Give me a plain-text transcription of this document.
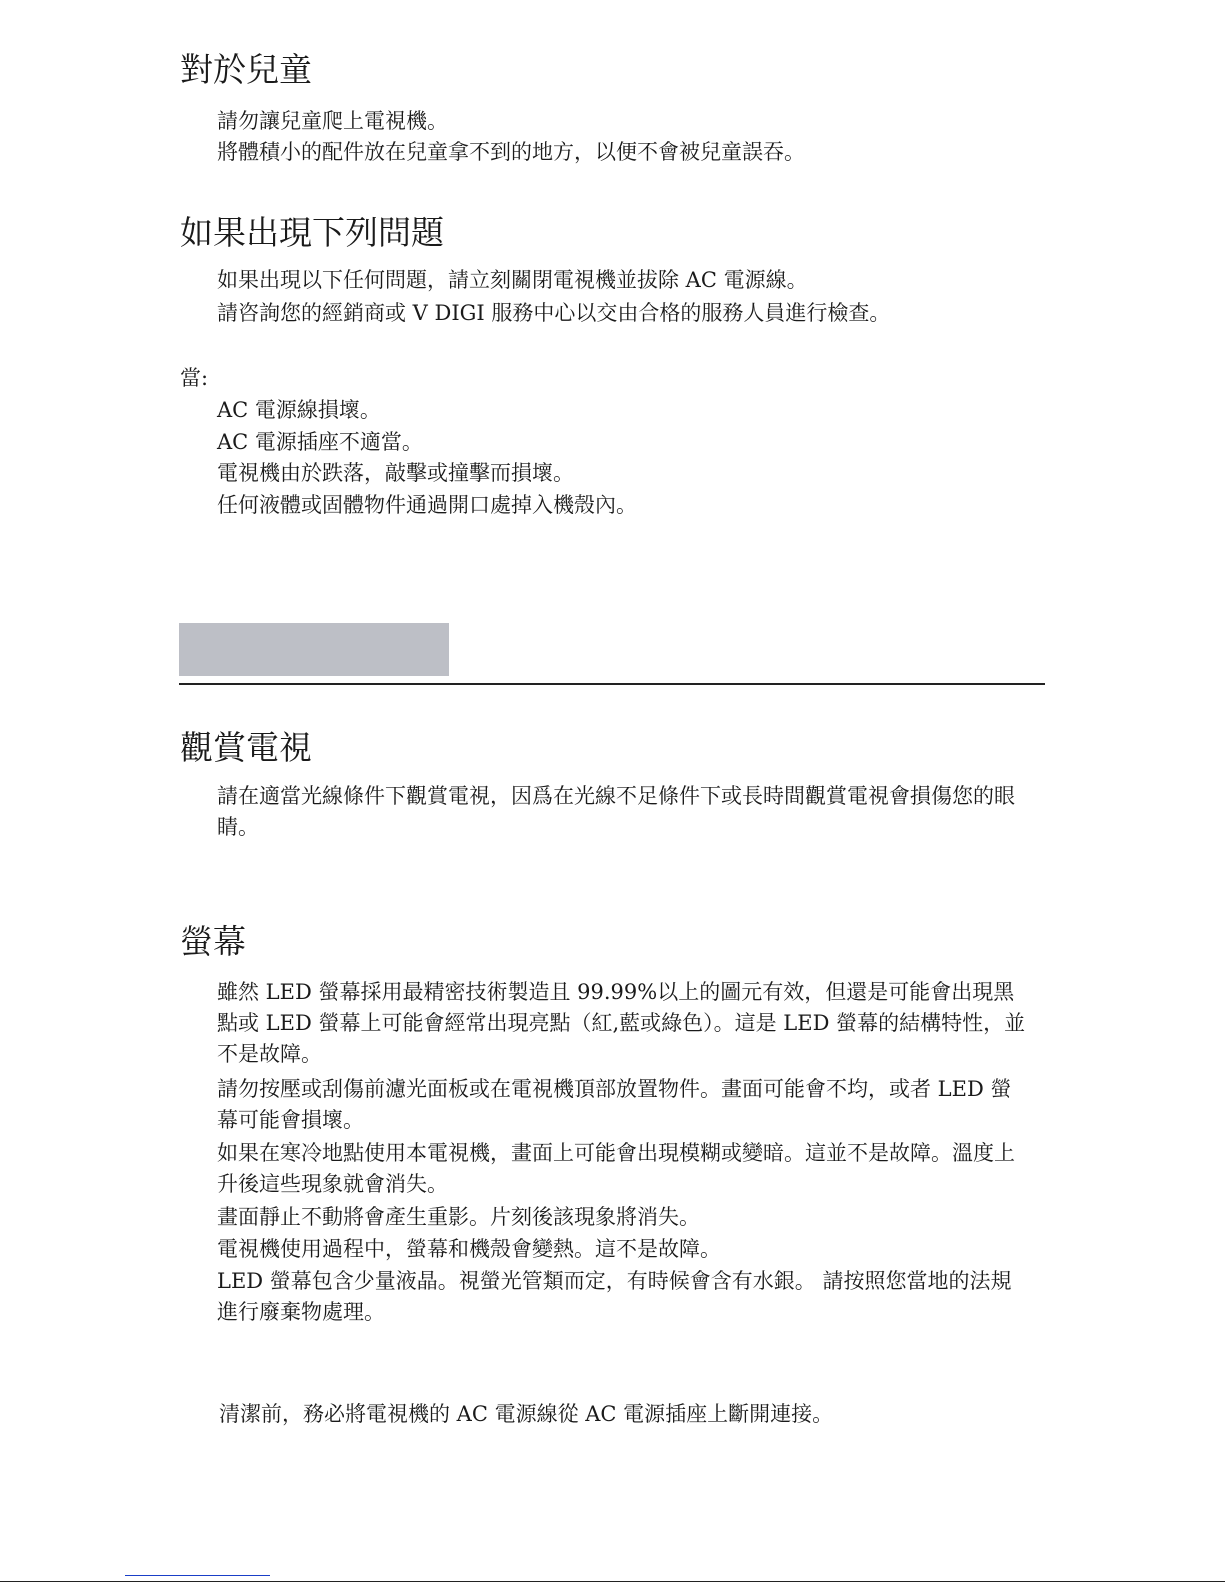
對於兒童

請勿讓兒童爬上電視機。

將體積小的配件放在兒童拿不到的地方，以便不會被兒童誤吞。

如果出現下列問題

如果出現以下任何問題，請立刻關閉電視機並拔除 AC 電源線。

請咨詢您的經銷商或 V DIGI 服務中心以交由合格的服務人員進行檢查。

當:

AC 電源線損壞。

AC 電源插座不適當。

電視機由於跌落，敲擊或撞擊而損壞。

任何液體或固體物件通過開口處掉入機殼內。

觀賞電視

請在適當光線條件下觀賞電視，因爲在光線不足條件下或長時間觀賞電視會損傷您的眼睛。

螢幕

雖然 LED 螢幕採用最精密技術製造且 99.99%以上的圖元有效，但還是可能會出現黑點或 LED 螢幕上可能會經常出現亮點（紅,藍或綠色）。這是 LED 螢幕的結構特性，並不是故障。

請勿按壓或刮傷前濾光面板或在電視機頂部放置物件。畫面可能會不均，或者 LED 螢幕可能會損壞。

如果在寒冷地點使用本電視機，畫面上可能會出現模糊或變暗。這並不是故障。溫度上升後這些現象就會消失。

畫面靜止不動將會產生重影。片刻後該現象將消失。

電視機使用過程中，螢幕和機殼會變熱。這不是故障。

LED 螢幕包含少量液晶。視螢光管類而定，有時候會含有水銀。 請按照您當地的法規進行廢棄物處理。

清潔前，務必將電視機的 AC 電源線從 AC 電源插座上斷開連接。
